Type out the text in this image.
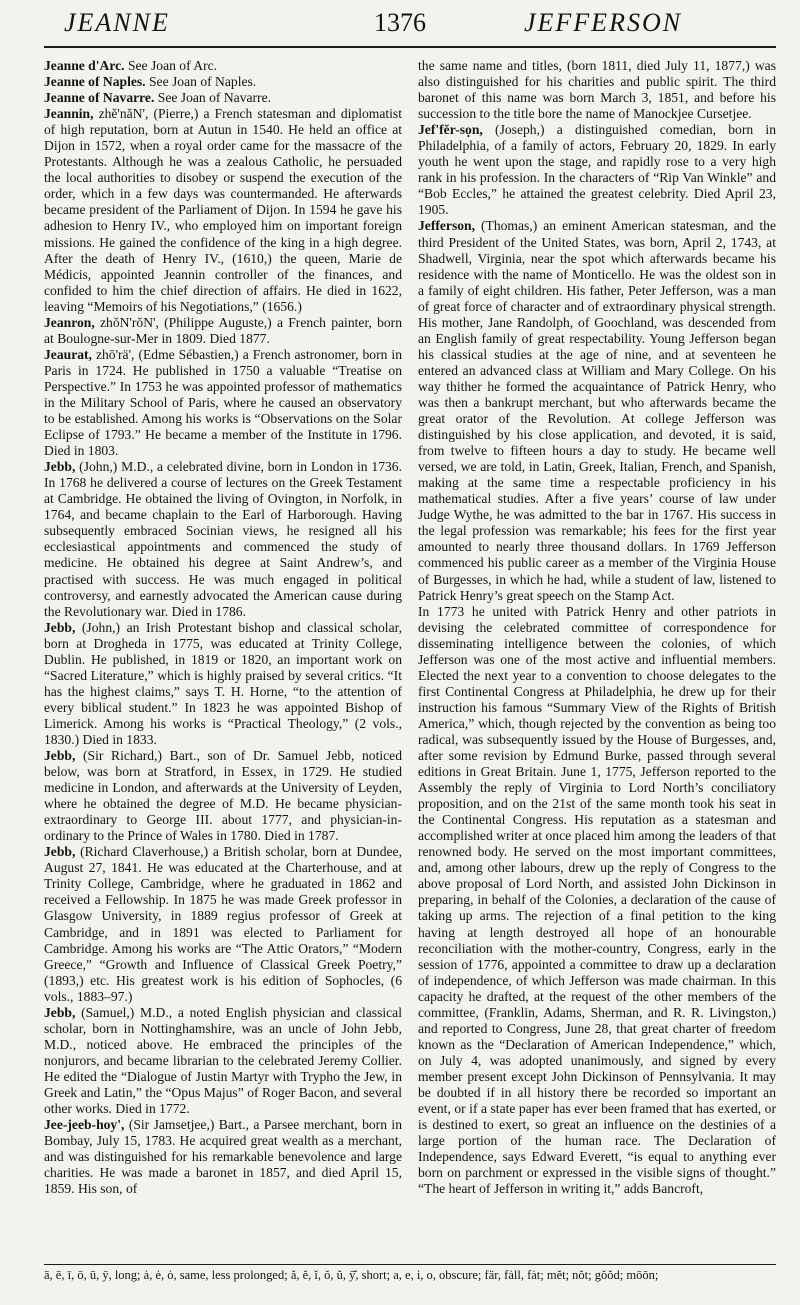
JEANNE	1376	JEFFERSON

Jeanne d'Arc. See Joan of Arc.

Jeanne of Naples. See Joan of Naples.

Jeanne of Navarre. See Joan of Navarre.

Jeannin, zhĕ'năN', (Pierre,) a French statesman and diplomatist of high reputation, born at Autun in 1540. He held an office at Dijon in 1572, when a royal order came for the massacre of the Protestants. Although he was a zealous Catholic, he persuaded the local authorities to disobey or suspend the execution of the order, which in a few days was countermanded. He afterwards became president of the Parliament of Dijon. In 1594 he gave his adhesion to Henry IV., who employed him on important foreign missions. He gained the confidence of the king in a high degree. After the death of Henry IV., (1610,) the queen, Marie de Médicis, appointed Jeannin controller of the finances, and confided to him the chief direction of affairs. He died in 1622, leaving “Memoirs of his Negotiations,” (1656.)

Jeanron, zhŏN'rŏN', (Philippe Auguste,) a French painter, born at Boulogne-sur-Mer in 1809. Died 1877.

Jeaurat, zhō'rä', (Edme Sébastien,) a French astronomer, born in Paris in 1724. He published in 1750 a valuable “Treatise on Perspective.” In 1753 he was appointed professor of mathematics in the Military School of Paris, where he caused an observatory to be established. Among his works is “Observations on the Solar Eclipse of 1793.” He became a member of the Institute in 1796. Died in 1803.

Jebb, (John,) M.D., a celebrated divine, born in London in 1736. In 1768 he delivered a course of lectures on the Greek Testament at Cambridge. He obtained the living of Ovington, in Norfolk, in 1764, and became chaplain to the Earl of Harborough. Having subsequently embraced Socinian views, he resigned all his ecclesiastical appointments and commenced the study of medicine. He obtained his degree at Saint Andrew’s, and practised with success. He was much engaged in political controversy, and earnestly advocated the American cause during the Revolutionary war. Died in 1786.

Jebb, (John,) an Irish Protestant bishop and classical scholar, born at Drogheda in 1775, was educated at Trinity College, Dublin. He published, in 1819 or 1820, an important work on “Sacred Literature,” which is highly praised by several critics. “It has the highest claims,” says T. H. Horne, “to the attention of every biblical student.” In 1823 he was appointed Bishop of Limerick. Among his works is “Practical Theology,” (2 vols., 1830.) Died in 1833.

Jebb, (Sir Richard,) Bart., son of Dr. Samuel Jebb, noticed below, was born at Stratford, in Essex, in 1729. He studied medicine in London, and afterwards at the University of Leyden, where he obtained the degree of M.D. He became physician-extraordinary to George III. about 1777, and physician-in-ordinary to the Prince of Wales in 1780. Died in 1787.

Jebb, (Richard Claverhouse,) a British scholar, born at Dundee, August 27, 1841. He was educated at the Charterhouse, and at Trinity College, Cambridge, where he graduated in 1862 and received a Fellowship. In 1875 he was made Greek professor in Glasgow University, in 1889 regius professor of Greek at Cambridge, and in 1891 was elected to Parliament for Cambridge. Among his works are “The Attic Orators,” “Modern Greece,” “Growth and Influence of Classical Greek Poetry,” (1893,) etc. His greatest work is his edition of Sophocles, (6 vols., 1883–97.)

Jebb, (Samuel,) M.D., a noted English physician and classical scholar, born in Nottinghamshire, was an uncle of John Jebb, M.D., noticed above. He embraced the principles of the nonjurors, and became librarian to the celebrated Jeremy Collier. He edited the “Dialogue of Justin Martyr with Trypho the Jew, in Greek and Latin,” the “Opus Majus” of Roger Bacon, and several other works. Died in 1772.

Jee-jeeb-hoy', (Sir Jamsetjee,) Bart., a Parsee merchant, born in Bombay, July 15, 1783. He acquired great wealth as a merchant, and was distinguished for his remarkable benevolence and large charities. He was made a baronet in 1857, and died April 15, 1859. His son, of

the same name and titles, (born 1811, died July 11, 1877,) was also distinguished for his charities and public spirit. The third baronet of this name was born March 3, 1851, and before his succession to the title bore the name of Manockjee Cursetjee.

Jef'fĕr-sọn, (Joseph,) a distinguished comedian, born in Philadelphia, of a family of actors, February 20, 1829. In early youth he went upon the stage, and rapidly rose to a very high rank in his profession. In the characters of “Rip Van Winkle” and “Bob Eccles,” he attained the greatest celebrity. Died April 23, 1905.

Jefferson, (Thomas,) an eminent American statesman, and the third President of the United States, was born, April 2, 1743, at Shadwell, Virginia, near the spot which afterwards became his residence with the name of Monticello. He was the oldest son in a family of eight children. His father, Peter Jefferson, was a man of great force of character and of extraordinary physical strength. His mother, Jane Randolph, of Goochland, was descended from an English family of great respectability. Young Jefferson began his classical studies at the age of nine, and at seventeen he entered an advanced class at William and Mary College. On his way thither he formed the acquaintance of Patrick Henry, who was then a bankrupt merchant, but who afterwards became the great orator of the Revolution. At college Jefferson was distinguished by his close application, and devoted, it is said, from twelve to fifteen hours a day to study. He became well versed, we are told, in Latin, Greek, Italian, French, and Spanish, making at the same time a respectable proficiency in his mathematical studies. After a five years’ course of law under Judge Wythe, he was admitted to the bar in 1767. His success in the legal profession was remarkable; his fees for the first year amounted to nearly three thousand dollars. In 1769 Jefferson commenced his public career as a member of the Virginia House of Burgesses, in which he had, while a student of law, listened to Patrick Henry’s great speech on the Stamp Act.

In 1773 he united with Patrick Henry and other patriots in devising the celebrated committee of correspondence for disseminating intelligence between the colonies, of which Jefferson was one of the most active and influential members. Elected the next year to a convention to choose delegates to the first Continental Congress at Philadelphia, he drew up for their instruction his famous “Summary View of the Rights of British America,” which, though rejected by the convention as being too radical, was subsequently issued by the House of Burgesses, and, after some revision by Edmund Burke, passed through several editions in Great Britain. June 1, 1775, Jefferson reported to the Assembly the reply of Virginia to Lord North’s conciliatory proposition, and on the 21st of the same month took his seat in the Continental Congress. His reputation as a statesman and accomplished writer at once placed him among the leaders of that renowned body. He served on the most important committees, and, among other labours, drew up the reply of Congress to the above proposal of Lord North, and assisted John Dickinson in preparing, in behalf of the Colonies, a declaration of the cause of taking up arms. The rejection of a final petition to the king having at length destroyed all hope of an honourable reconciliation with the mother-country, Congress, early in the session of 1776, appointed a committee to draw up a declaration of independence, of which Jefferson was made chairman. In this capacity he drafted, at the request of the other members of the committee, (Franklin, Adams, Sherman, and R. R. Livingston,) and reported to Congress, June 28, that great charter of freedom known as the “Declaration of American Independence,” which, on July 4, was adopted unanimously, and signed by every member present except John Dickinson of Pennsylvania. It may be doubted if in all history there be recorded so important an event, or if a state paper has ever been framed that has exerted, or is destined to exert, so great an influence on the destinies of a large portion of the human race. The Declaration of Independence, says Edward Everett, “is equal to anything ever born on parchment or expressed in the visible signs of thought.” “The heart of Jefferson in writing it,” adds Bancroft,

ā, ē, ī, ō, ū, ȳ, long; ȧ, ė, ȯ, same, less prolonged; ă, ĕ, ĭ, ŏ, ŭ, ȳ̆, short; a, e, i, o, obscure; fär, fȧll, fȧt; mĕt; nŏt; gŏŏd; mōōn;
